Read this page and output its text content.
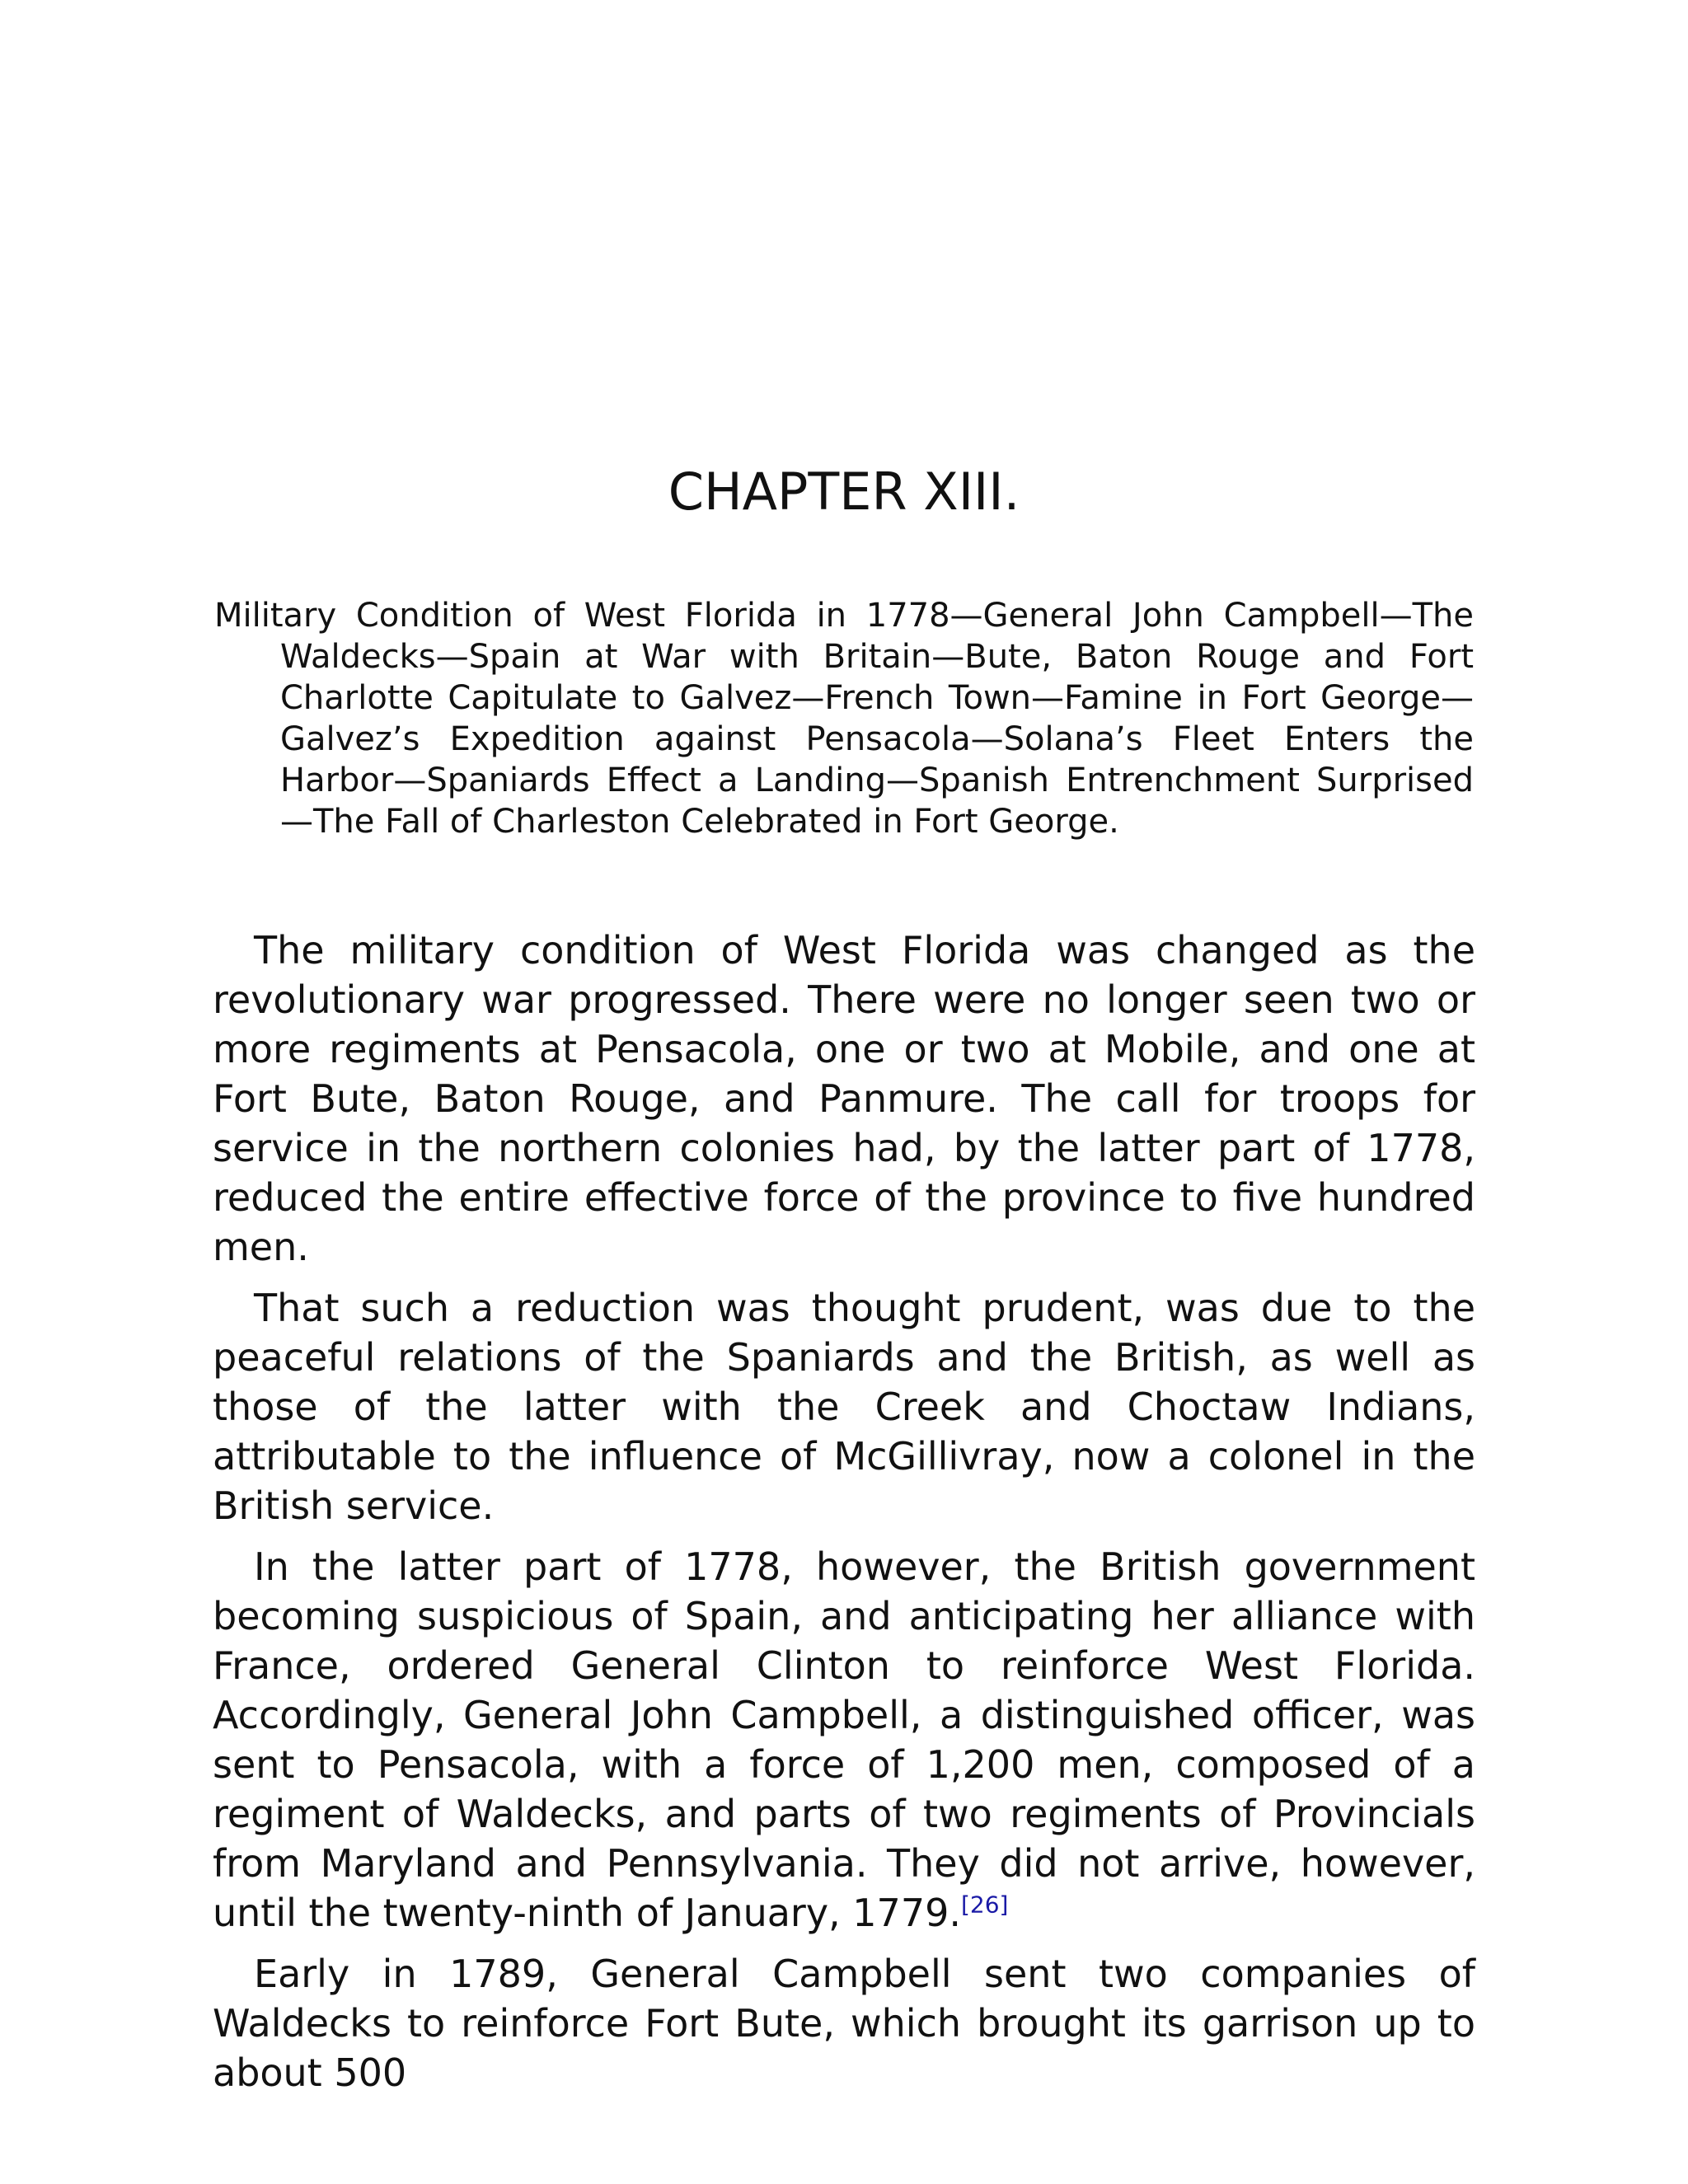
CHAPTER XIII.

Military Condition of West Florida in 1778—General John Campbell—The Waldecks—Spain at War with Britain—Bute, Baton Rouge and Fort Charlotte Capitulate to Galvez—French Town—Famine in Fort George—Galvez’s Expedition against Pensacola—Solana’s Fleet Enters the Harbor—Spaniards Effect a Landing—Spanish Entrenchment Surprised—The Fall of Charleston Celebrated in Fort George.

The military condition of West Florida was changed as the revolutionary war progressed. There were no longer seen two or more regiments at Pensacola, one or two at Mobile, and one at Fort Bute, Baton Rouge, and Panmure. The call for troops for service in the northern colonies had, by the latter part of 1778, reduced the entire effective force of the province to five hundred men.

That such a reduction was thought prudent, was due to the peaceful relations of the Spaniards and the British, as well as those of the latter with the Creek and Choctaw Indians, attributable to the influence of McGillivray, now a colonel in the British service.

In the latter part of 1778, however, the British government becoming suspicious of Spain, and anticipating her alliance with France, ordered General Clinton to reinforce West Florida. Accordingly, General John Campbell, a distinguished officer, was sent to Pensacola, with a force of 1,200 men, composed of a regiment of Waldecks, and parts of two regiments of Provincials from Maryland and Pennsylvania. They did not arrive, however, until the twenty-ninth of January, 1779.[26]

Early in 1789, General Campbell sent two companies of Waldecks to reinforce Fort Bute, which brought its garrison up to about 500
